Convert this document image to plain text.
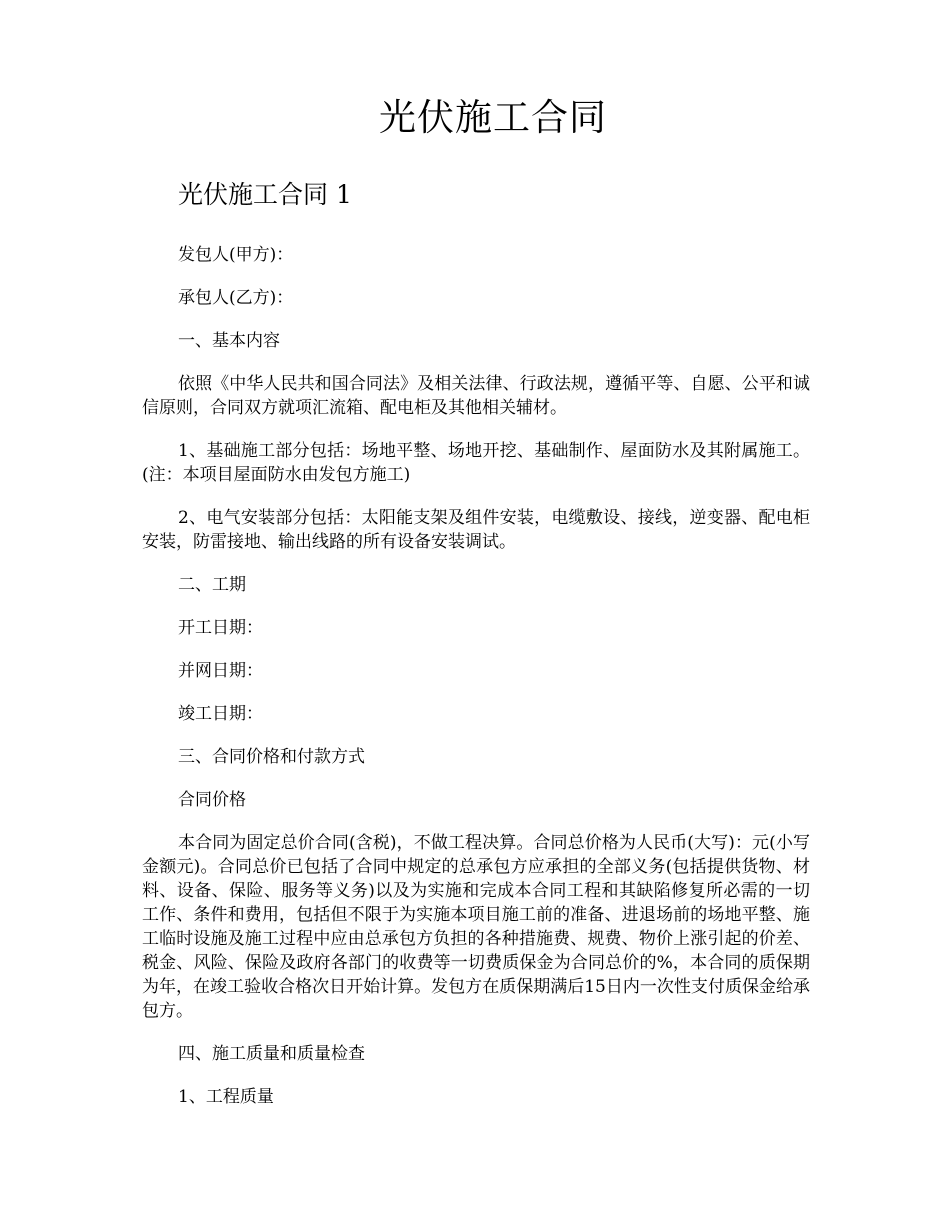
光伏施工合同
光伏施工合同 1

发包人(甲方)：

承包人(乙方)：

一、基本内容

依照《中华人民共和国合同法》及相关法律、行政法规，遵循平等、自愿、公平和诚信原则，合同双方就项汇流箱、配电柜及其他相关辅材。

1、基础施工部分包括：场地平整、场地开挖、基础制作、屋面防水及其附属施工。(注：本项目屋面防水由发包方施工)

2、电气安装部分包括：太阳能支架及组件安装，电缆敷设、接线，逆变器、配电柜安装，防雷接地、输出线路的所有设备安装调试。

二、工期

开工日期：

并网日期：

竣工日期：

三、合同价格和付款方式

合同价格

本合同为固定总价合同(含税)，不做工程决算。合同总价格为人民币(大写)：元(小写金额元)。合同总价已包括了合同中规定的总承包方应承担的全部义务(包括提供货物、材料、设备、保险、服务等义务)以及为实施和完成本合同工程和其缺陷修复所必需的一切工作、条件和费用，包括但不限于为实施本项目施工前的准备、进退场前的场地平整、施工临时设施及施工过程中应由总承包方负担的各种措施费、规费、物价上涨引起的价差、税金、风险、保险及政府各部门的收费等一切费质保金为合同总价的%，本合同的质保期为年，在竣工验收合格次日开始计算。发包方在质保期满后15日内一次性支付质保金给承包方。

四、施工质量和质量检查

1、工程质量
